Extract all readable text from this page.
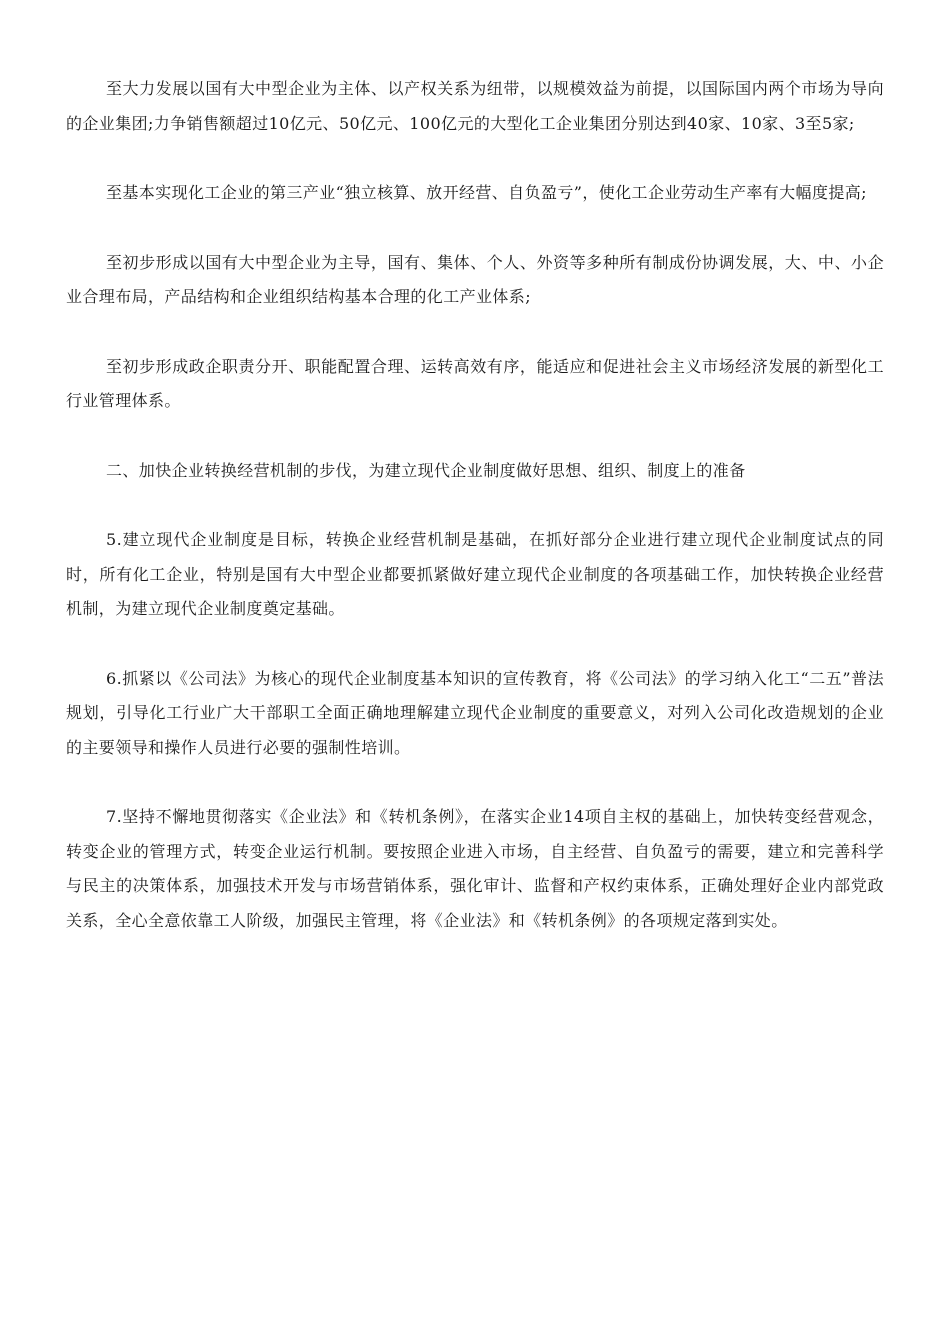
至大力发展以国有大中型企业为主体、以产权关系为纽带，以规模效益为前提，以国际国内两个市场为导向的企业集团;力争销售额超过10亿元、50亿元、100亿元的大型化工企业集团分别达到40家、10家、3至5家;

至基本实现化工企业的第三产业“独立核算、放开经营、自负盈亏”，使化工企业劳动生产率有大幅度提高;

至初步形成以国有大中型企业为主导，国有、集体、个人、外资等多种所有制成份协调发展，大、中、小企业合理布局，产品结构和企业组织结构基本合理的化工产业体系;

至初步形成政企职责分开、职能配置合理、运转高效有序，能适应和促进社会主义市场经济发展的新型化工行业管理体系。

二、加快企业转换经营机制的步伐，为建立现代企业制度做好思想、组织、制度上的准备

5.建立现代企业制度是目标，转换企业经营机制是基础，在抓好部分企业进行建立现代企业制度试点的同时，所有化工企业，特别是国有大中型企业都要抓紧做好建立现代企业制度的各项基础工作，加快转换企业经营机制，为建立现代企业制度奠定基础。

6.抓紧以《公司法》为核心的现代企业制度基本知识的宣传教育，将《公司法》的学习纳入化工“二五”普法规划，引导化工行业广大干部职工全面正确地理解建立现代企业制度的重要意义，对列入公司化改造规划的企业的主要领导和操作人员进行必要的强制性培训。

7.坚持不懈地贯彻落实《企业法》和《转机条例》，在落实企业14项自主权的基础上，加快转变经营观念，转变企业的管理方式，转变企业运行机制。要按照企业进入市场，自主经营、自负盈亏的需要，建立和完善科学与民主的决策体系，加强技术开发与市场营销体系，强化审计、监督和产权约束体系，正确处理好企业内部党政关系，全心全意依靠工人阶级，加强民主管理，将《企业法》和《转机条例》的各项规定落到实处。
